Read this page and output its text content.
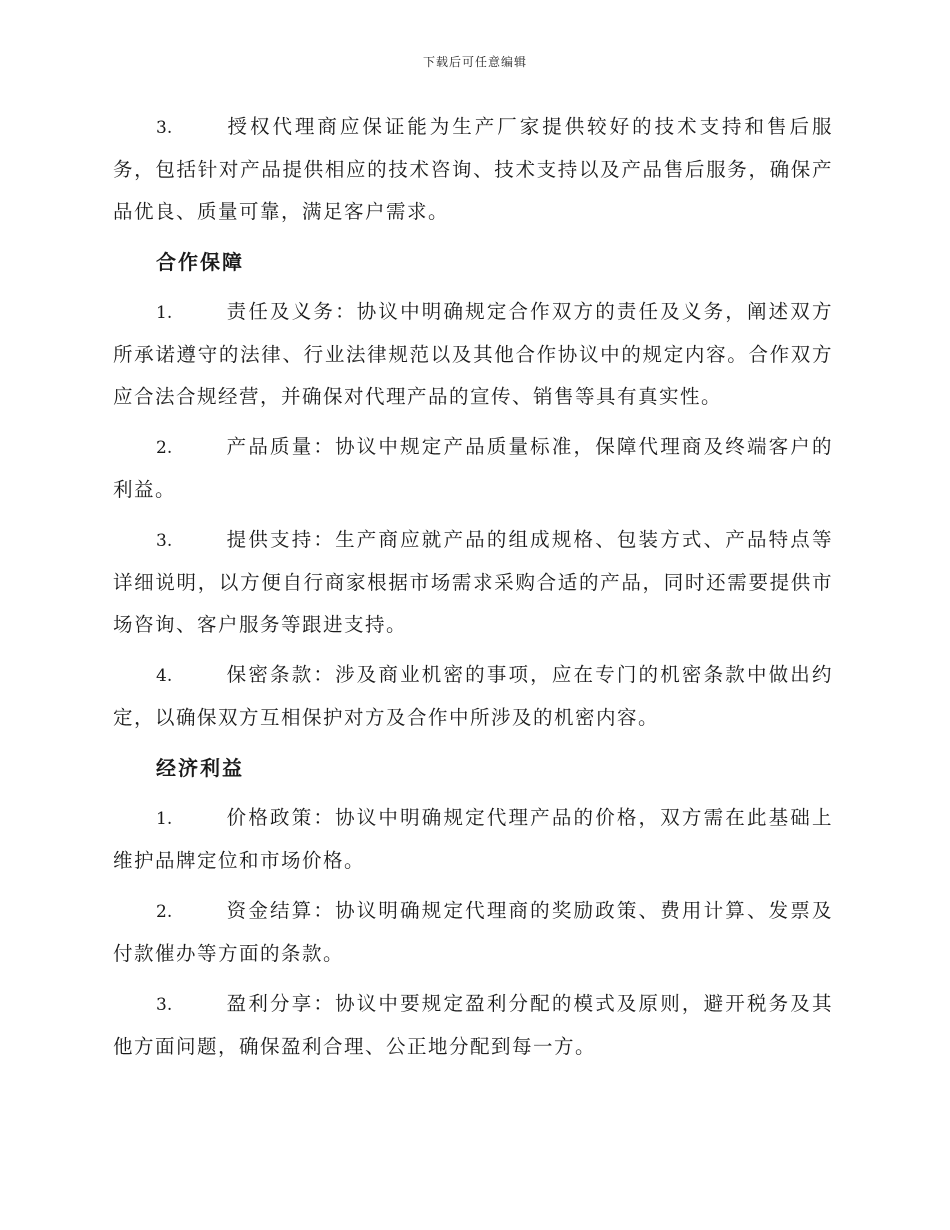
下载后可任意编辑

3.	授权代理商应保证能为生产厂家提供较好的技术支持和售后服务，包括针对产品提供相应的技术咨询、技术支持以及产品售后服务，确保产品优良、质量可靠，满足客户需求。

合作保障

1.	责任及义务：协议中明确规定合作双方的责任及义务，阐述双方所承诺遵守的法律、行业法律规范以及其他合作协议中的规定内容。合作双方应合法合规经营，并确保对代理产品的宣传、销售等具有真实性。

2.	产品质量：协议中规定产品质量标准，保障代理商及终端客户的利益。

3.	提供支持：生产商应就产品的组成规格、包装方式、产品特点等详细说明，以方便自行商家根据市场需求采购合适的产品，同时还需要提供市场咨询、客户服务等跟进支持。

4.	保密条款：涉及商业机密的事项，应在专门的机密条款中做出约定，以确保双方互相保护对方及合作中所涉及的机密内容。

经济利益

1.	价格政策：协议中明确规定代理产品的价格，双方需在此基础上维护品牌定位和市场价格。

2.	资金结算：协议明确规定代理商的奖励政策、费用计算、发票及付款催办等方面的条款。

3.	盈利分享：协议中要规定盈利分配的模式及原则，避开税务及其他方面问题，确保盈利合理、公正地分配到每一方。
